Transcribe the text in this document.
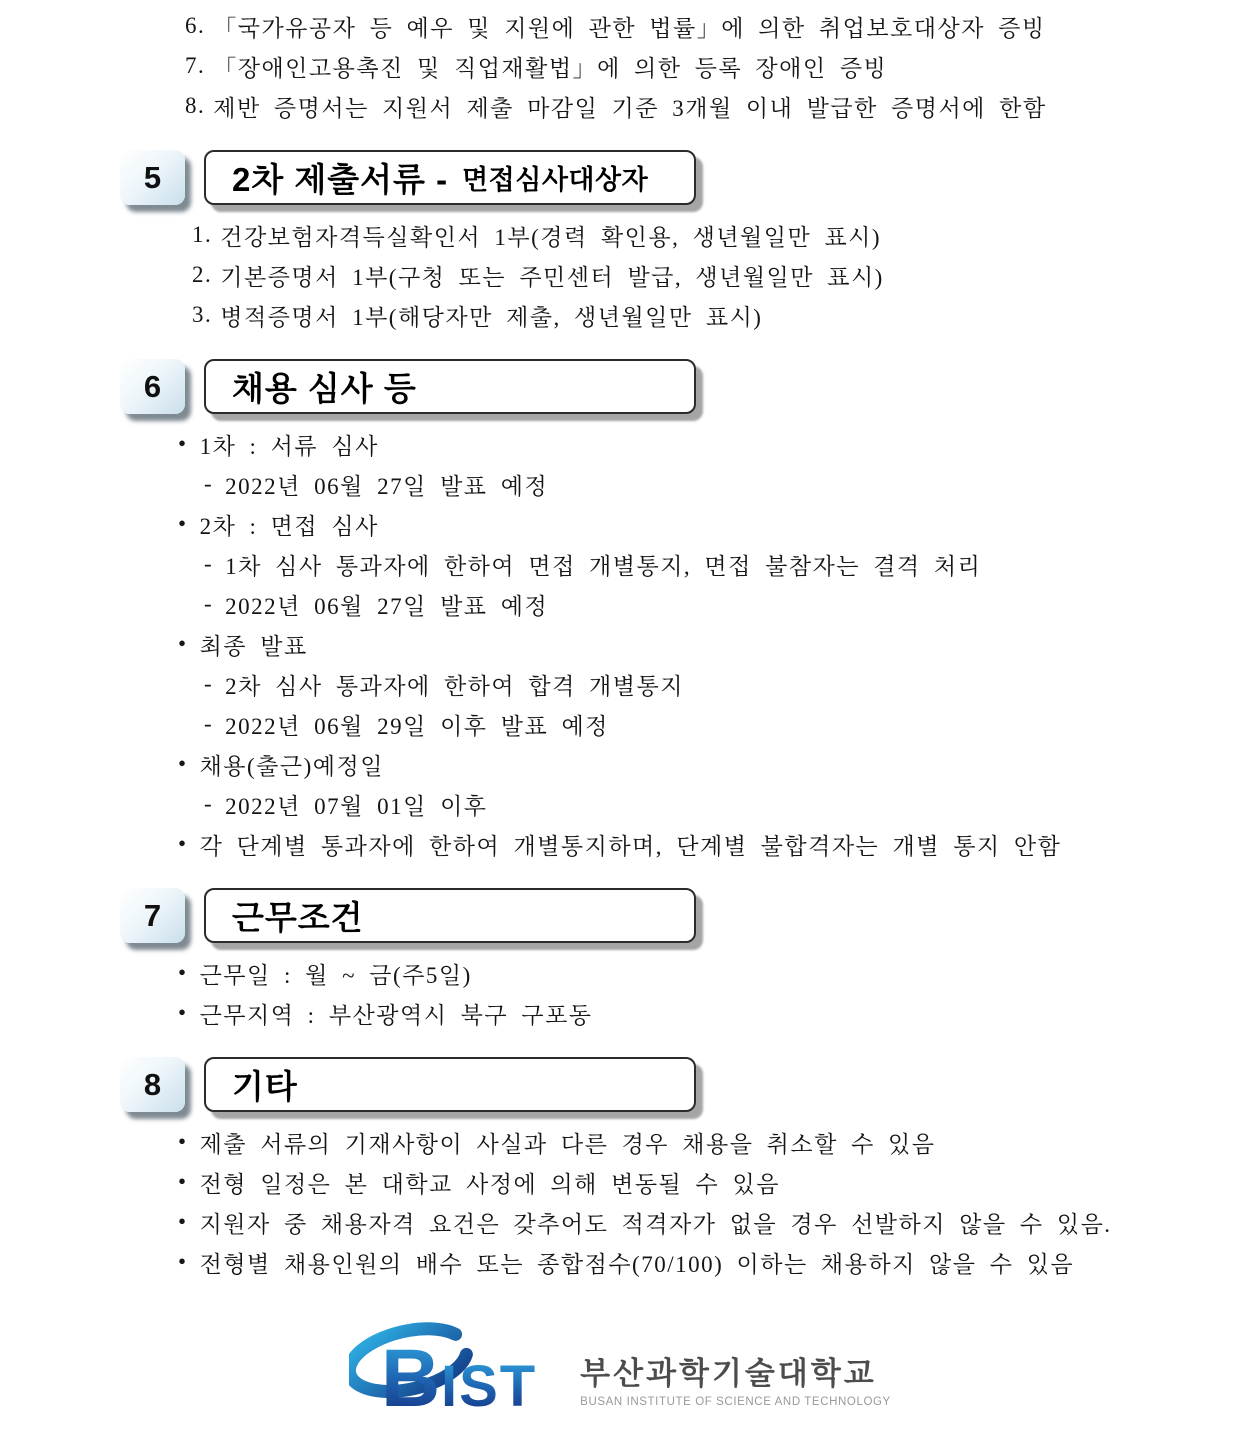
6. 「국가유공자 등 예우 및 지원에 관한 법률」에 의한 취업보호대상자 증빙
7. 「장애인고용촉진 및 직업재활법」에 의한 등록 장애인 증빙
8. 제반 증명서는 지원서 제출 마감일 기준 3개월 이내 발급한 증명서에 한함
5	2차 제출서류 - 면접심사대상자
1. 건강보험자격득실확인서 1부(경력 확인용, 생년월일만 표시)
2. 기본증명서 1부(구청 또는 주민센터 발급, 생년월일만 표시)
3. 병적증명서 1부(해당자만 제출, 생년월일만 표시)
6	채용 심사 등
• 1차 : 서류 심사
- 2022년 06월 27일 발표 예정
• 2차 : 면접 심사
- 1차 심사 통과자에 한하여 면접 개별통지, 면접 불참자는 결격 처리
- 2022년 06월 27일 발표 예정
• 최종 발표
- 2차 심사 통과자에 한하여 합격 개별통지
- 2022년 06월 29일 이후 발표 예정
• 채용(출근)예정일
- 2022년 07월 01일 이후
• 각 단계별 통과자에 한하여 개별통지하며, 단계별 불합격자는 개별 통지 안함
7	근무조건
• 근무일 : 월 ~ 금(주5일)
• 근무지역 : 부산광역시 북구 구포동
8	기타
• 제출 서류의 기재사항이 사실과 다른 경우 채용을 취소할 수 있음
• 전형 일정은 본 대학교 사정에 의해 변동될 수 있음
• 지원자 중 채용자격 요건은 갖추어도 적격자가 없을 경우 선발하지 않을 수 있음.
• 전형별 채용인원의 배수 또는 종합점수(70/100) 이하는 채용하지 않을 수 있음
B IST 부산과학기술대학교
BUSAN INSTITUTE OF SCIENCE AND TECHNOLOGY
